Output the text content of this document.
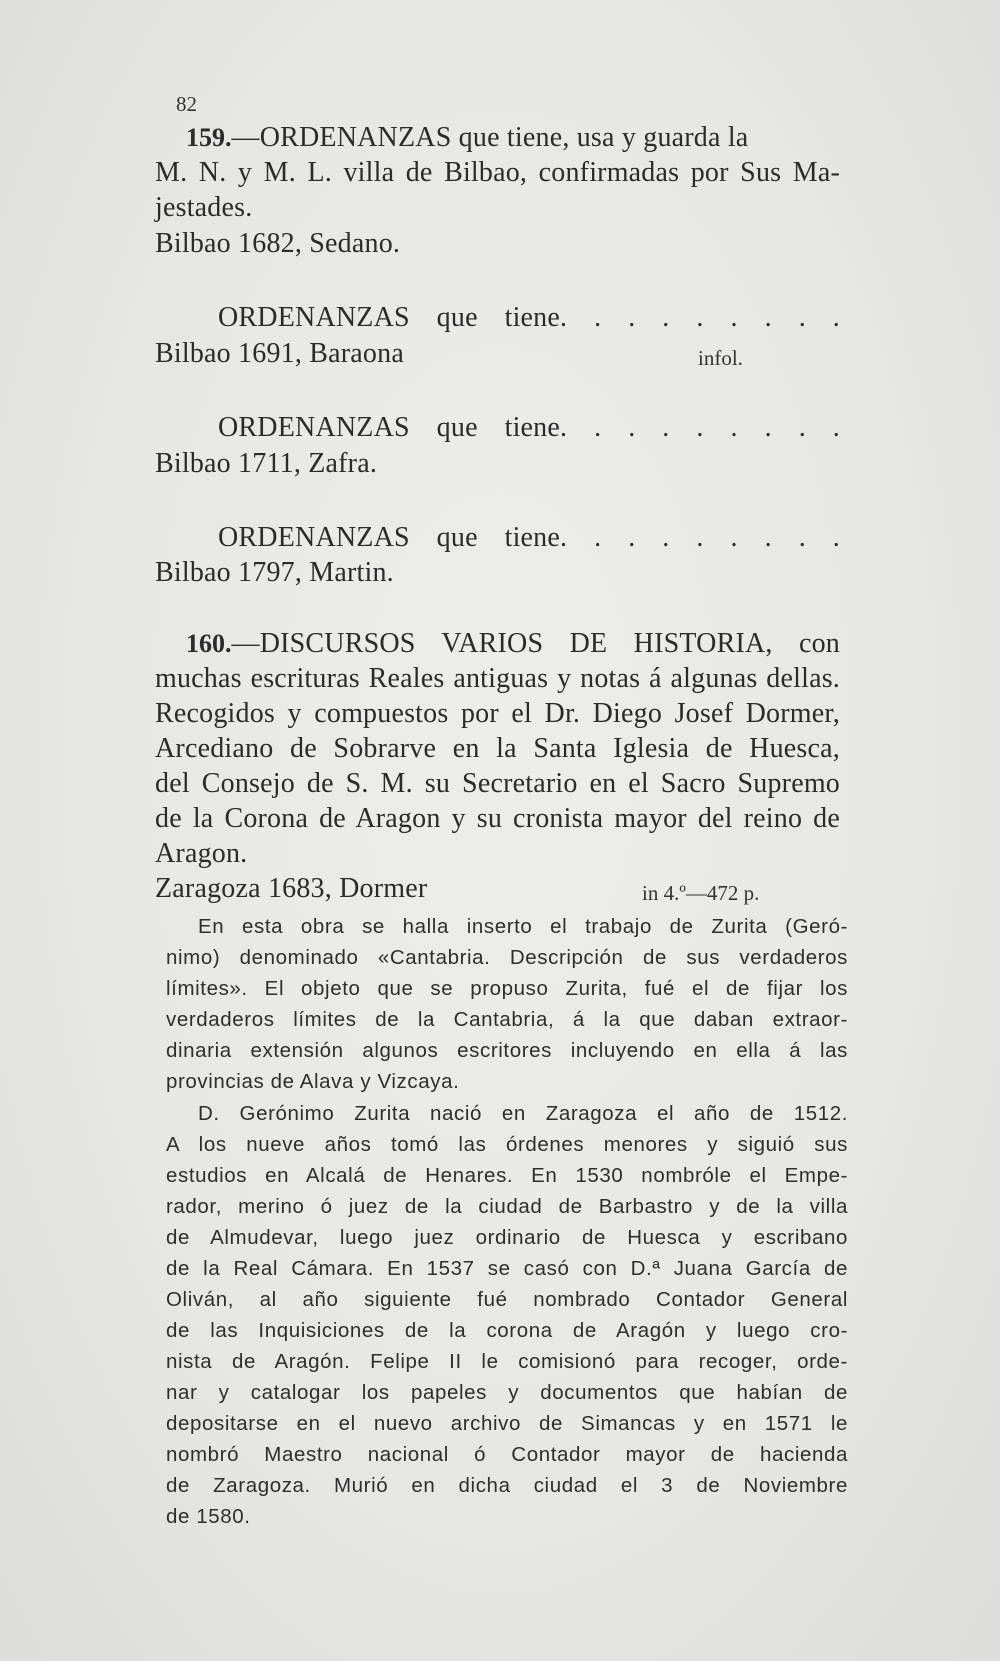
82
159.—ORDENANZAS que tiene, usa y guarda la
M. N. y M. L. villa de Bilbao, confirmadas por Sus Ma-
jestades.
Bilbao 1682, Sedano.
ORDENANZAS que tiene. . . . . . . . .
Bilbao 1691, Baraona	infol.
ORDENANZAS que tiene. . . . . . . . .
Bilbao 1711, Zafra.
ORDENANZAS que tiene. . . . . . . . .
Bilbao 1797, Martin.
160.—DISCURSOS VARIOS DE HISTORIA, con
muchas escrituras Reales antiguas y notas á algunas dellas.
Recogidos y compuestos por el Dr. Diego Josef Dormer,
Arcediano de Sobrarve en la Santa Iglesia de Huesca,
del Consejo de S. M. su Secretario en el Sacro Supremo
de la Corona de Aragon y su cronista mayor del reino de
Aragon.
Zaragoza 1683, Dormer	in 4.º—472 p.
En esta obra se halla inserto el trabajo de Zurita (Geró-
nimo) denominado «Cantabria. Descripción de sus verdaderos
límites». El objeto que se propuso Zurita, fué el de fijar los
verdaderos límites de la Cantabria, á la que daban extraor-
dinaria extensión algunos escritores incluyendo en ella á las
provincias de Alava y Vizcaya.
D. Gerónimo Zurita nació en Zaragoza el año de 1512.
A los nueve años tomó las órdenes menores y siguió sus
estudios en Alcalá de Henares. En 1530 nombróle el Empe-
rador, merino ó juez de la ciudad de Barbastro y de la villa
de Almudevar, luego juez ordinario de Huesca y escribano
de la Real Cámara. En 1537 se casó con D.ª Juana García de
Oliván, al año siguiente fué nombrado Contador General
de las Inquisiciones de la corona de Aragón y luego cro-
nista de Aragón. Felipe II le comisionó para recoger, orde-
nar y catalogar los papeles y documentos que habían de
depositarse en el nuevo archivo de Simancas y en 1571 le
nombró Maestro nacional ó Contador mayor de hacienda
de Zaragoza. Murió en dicha ciudad el 3 de Noviembre
de 1580.
